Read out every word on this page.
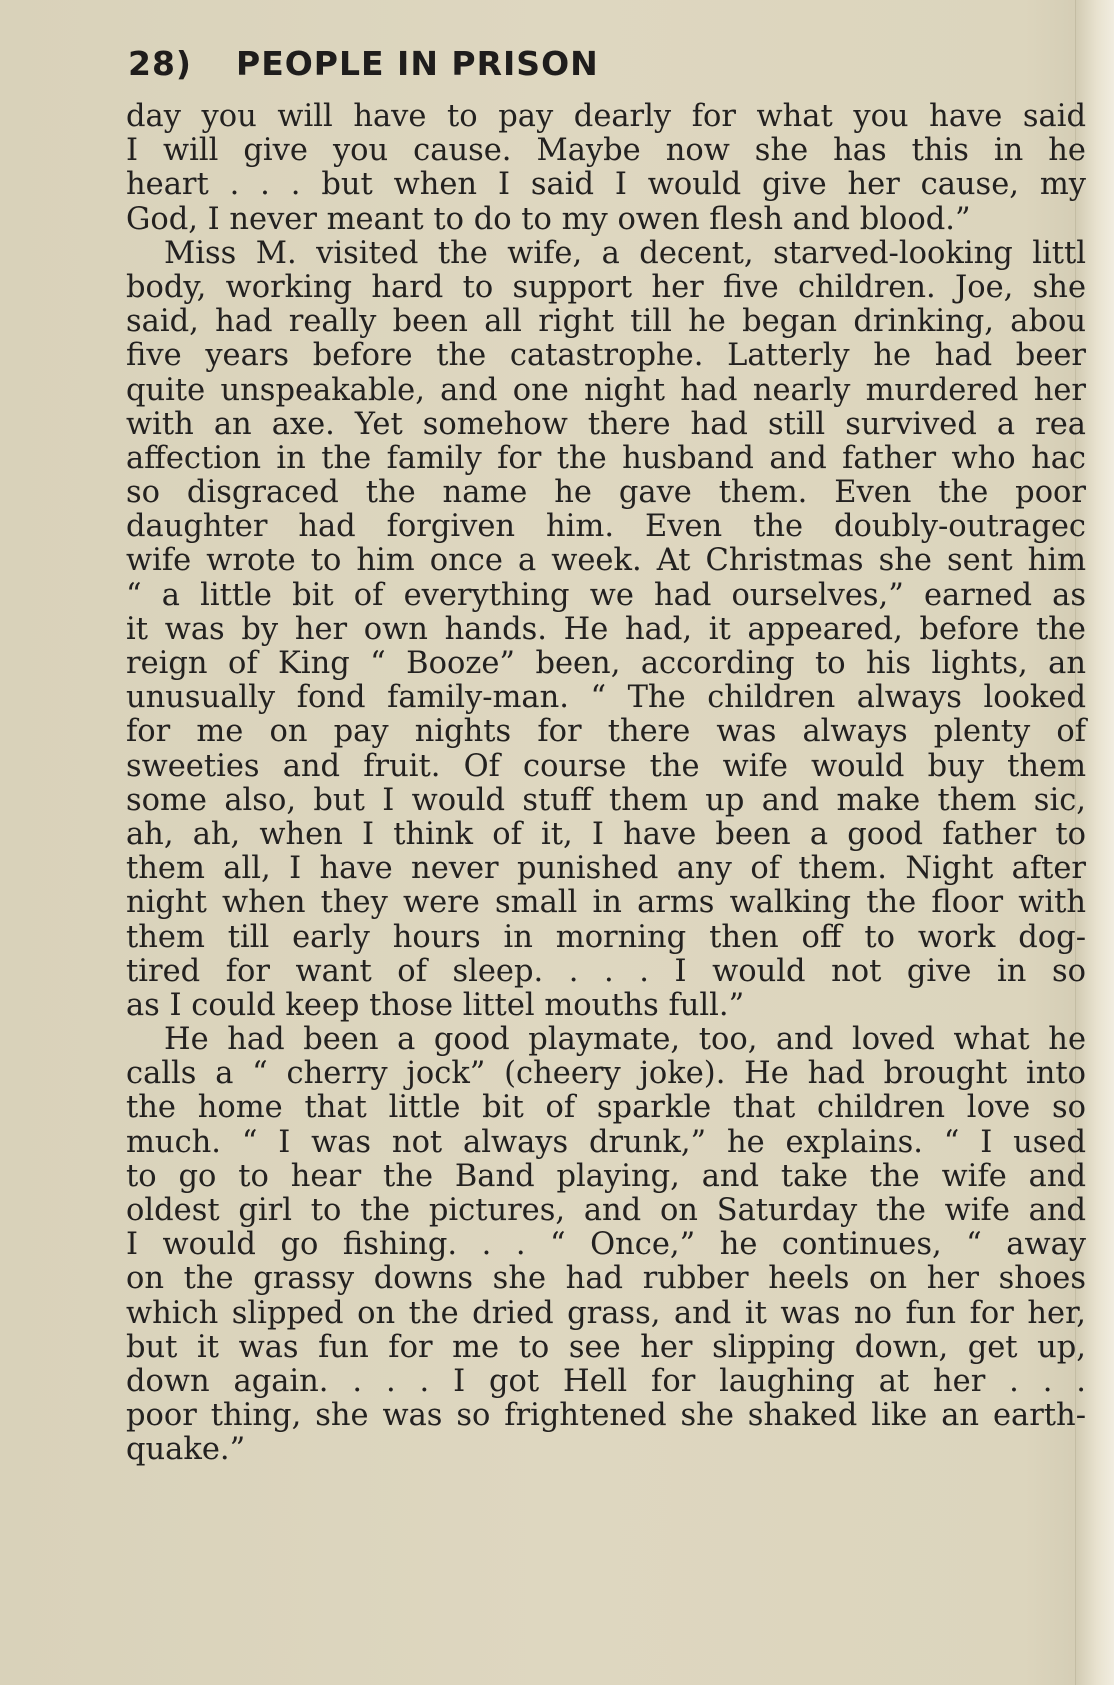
28) PEOPLE IN PRISON
day you will have to pay dearly for what you have said
I will give you cause. Maybe now she has this in he
heart . . . but when I said I would give her cause, my
God, I never meant to do to my owen flesh and blood.”
Miss M. visited the wife, a decent, starved-looking littl
body, working hard to support her five children. Joe, she
said, had really been all right till he began drinking, abou
five years before the catastrophe. Latterly he had beer
quite unspeakable, and one night had nearly murdered her
with an axe. Yet somehow there had still survived a rea
affection in the family for the husband and father who hac
so disgraced the name he gave them. Even the poor
daughter had forgiven him. Even the doubly-outragec
wife wrote to him once a week. At Christmas she sent him
“ a little bit of everything we had ourselves,” earned as
it was by her own hands. He had, it appeared, before the
reign of King “ Booze” been, according to his lights, an
unusually fond family-man. “ The children always looked
for me on pay nights for there was always plenty of
sweeties and fruit. Of course the wife would buy them
some also, but I would stuff them up and make them sic,
ah, ah, when I think of it, I have been a good father to
them all, I have never punished any of them. Night after
night when they were small in arms walking the floor with
them till early hours in morning then off to work dog-
tired for want of sleep. . . . I would not give in so
as I could keep those littel mouths full.”
He had been a good playmate, too, and loved what he
calls a “ cherry jock” (cheery joke). He had brought into
the home that little bit of sparkle that children love so
much. “ I was not always drunk,” he explains. “ I used
to go to hear the Band playing, and take the wife and
oldest girl to the pictures, and on Saturday the wife and
I would go fishing. . . “ Once,” he continues, “ away
on the grassy downs she had rubber heels on her shoes
which slipped on the dried grass, and it was no fun for her,
but it was fun for me to see her slipping down, get up,
down again. . . . I got Hell for laughing at her . . .
poor thing, she was so frightened she shaked like an earth-
quake.”
